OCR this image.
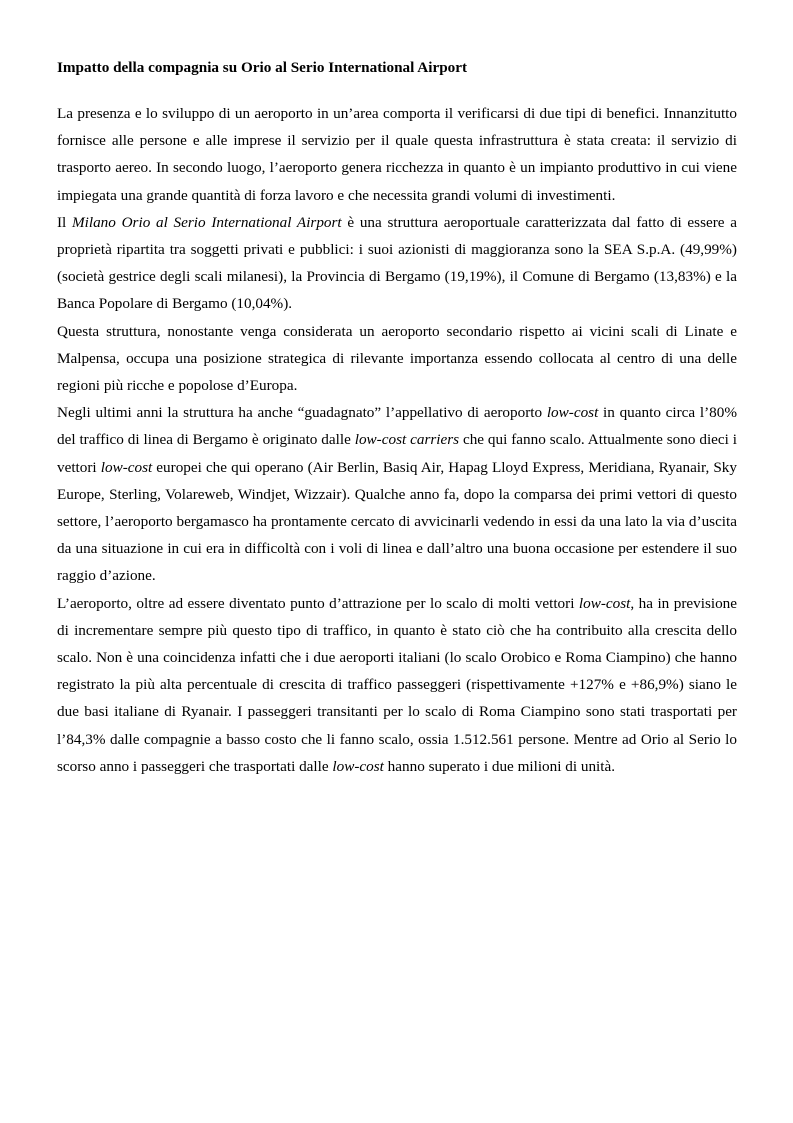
Impatto della compagnia su Orio al Serio International Airport

La presenza e lo sviluppo di un aeroporto in un’area comporta il verificarsi di due tipi di benefici. Innanzitutto fornisce alle persone e alle imprese il servizio per il quale questa infrastruttura è stata creata: il servizio di trasporto aereo. In secondo luogo, l’aeroporto genera ricchezza in quanto è un impianto produttivo in cui viene impiegata una grande quantità di forza lavoro e che necessita grandi volumi di investimenti.

Il Milano Orio al Serio International Airport è una struttura aeroportuale caratterizzata dal fatto di essere a proprietà ripartita tra soggetti privati e pubblici: i suoi azionisti di maggioranza sono la SEA S.p.A. (49,99%) (società gestrice degli scali milanesi), la Provincia di Bergamo (19,19%), il Comune di Bergamo (13,83%) e la Banca Popolare di Bergamo (10,04%).

Questa struttura, nonostante venga considerata un aeroporto secondario rispetto ai vicini scali di Linate e Malpensa, occupa una posizione strategica di rilevante importanza essendo collocata al centro di una delle regioni più ricche e popolose d’Europa.

Negli ultimi anni la struttura ha anche “guadagnato” l’appellativo di aeroporto low-cost in quanto circa l’80% del traffico di linea di Bergamo è originato dalle low-cost carriers che qui fanno scalo. Attualmente sono dieci i vettori low-cost europei che qui operano (Air Berlin, Basiq Air, Hapag Lloyd Express, Meridiana, Ryanair, Sky Europe, Sterling, Volareweb, Windjet, Wizzair). Qualche anno fa, dopo la comparsa dei primi vettori di questo settore, l’aeroporto bergamasco ha prontamente cercato di avvicinarli vedendo in essi da una lato la via d’uscita da una situazione in cui era in difficoltà con i voli di linea e dall’altro una buona occasione per estendere il suo raggio d’azione.

L’aeroporto, oltre ad essere diventato punto d’attrazione per lo scalo di molti vettori low-cost, ha in previsione di incrementare sempre più questo tipo di traffico, in quanto è stato ciò che ha contribuito alla crescita dello scalo. Non è una coincidenza infatti che i due aeroporti italiani (lo scalo Orobico e Roma Ciampino) che hanno registrato la più alta percentuale di crescita di traffico passeggeri (rispettivamente +127% e +86,9%) siano le due basi italiane di Ryanair. I passeggeri transitanti per lo scalo di Roma Ciampino sono stati trasportati per l’84,3% dalle compagnie a basso costo che li fanno scalo, ossia 1.512.561 persone. Mentre ad Orio al Serio lo scorso anno i passeggeri che trasportati dalle low-cost hanno superato i due milioni di unità.
